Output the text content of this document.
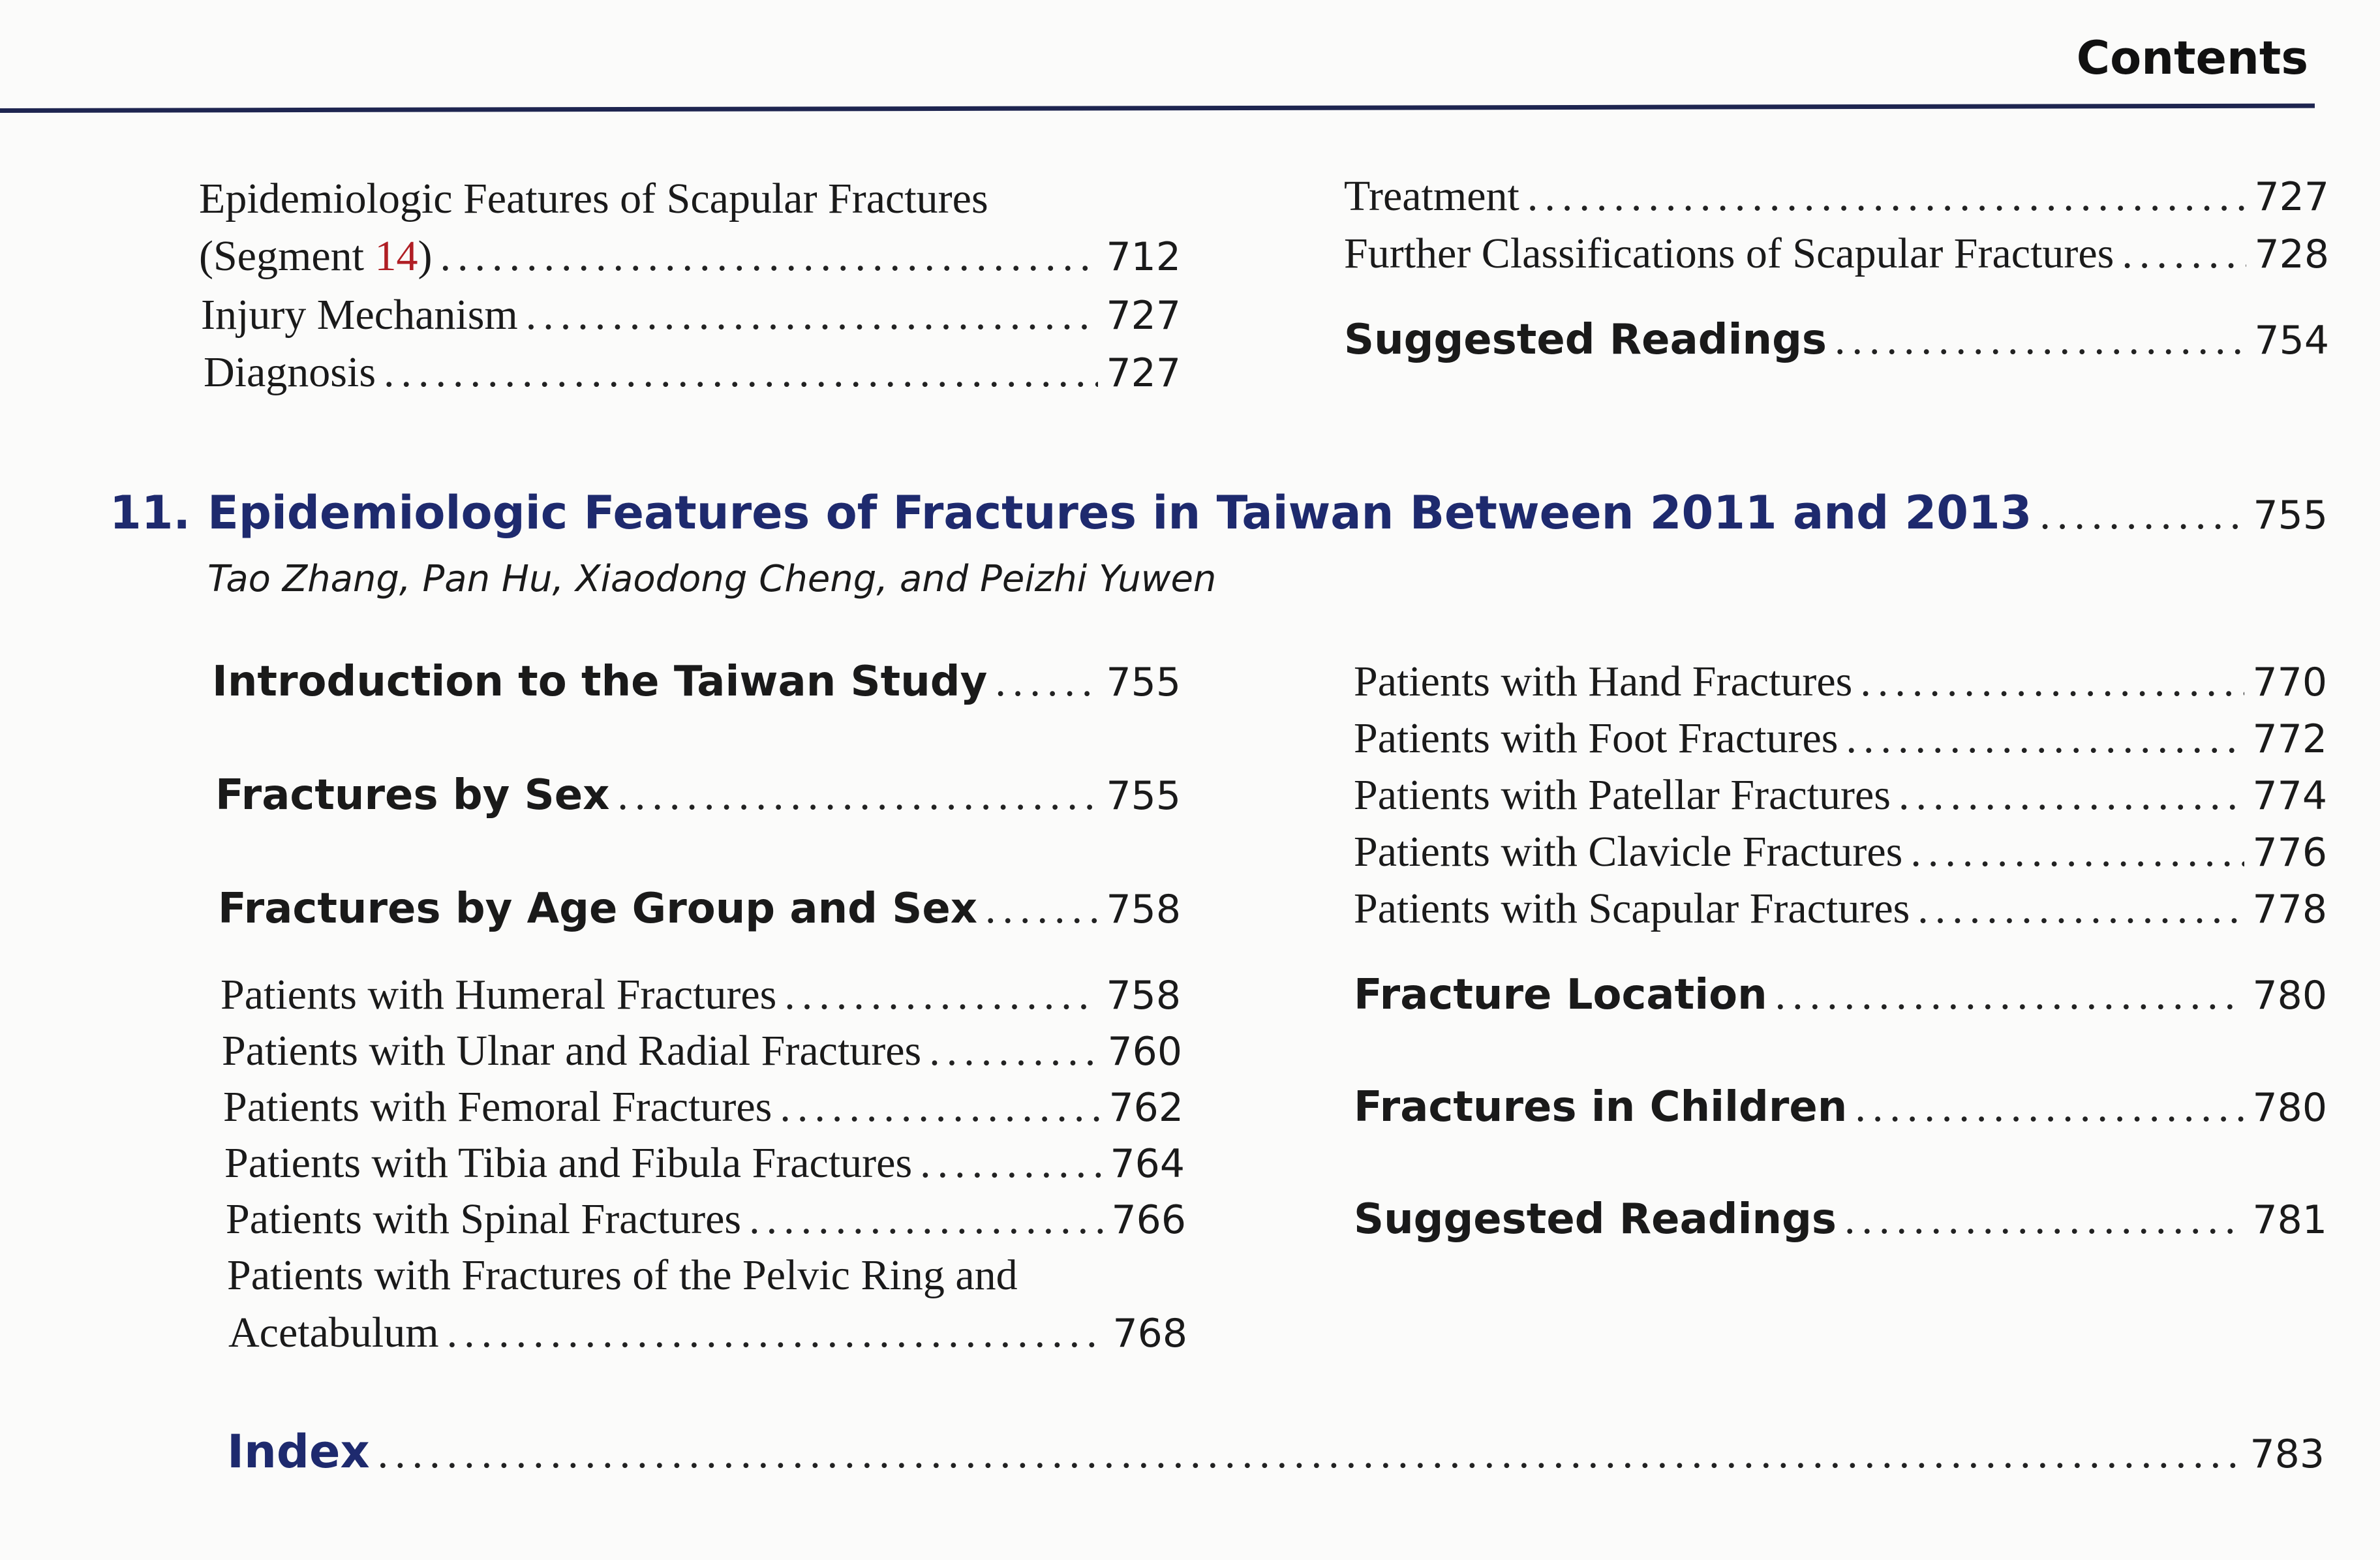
Contents
Epidemiologic Features of Scapular Fractures
(Segment 14) .....	712
Injury Mechanism .....	727
Diagnosis .....	727
Treatment .....	727
Further Classifications of Scapular Fractures .....	728
Suggested Readings .....	754
11. Epidemiologic Features of Fractures in Taiwan Between 2011 and 2013 .....	755
Tao Zhang, Pan Hu, Xiaodong Cheng, and Peizhi Yuwen
Introduction to the Taiwan Study .....	755
Fractures by Sex .....	755
Fractures by Age Group and Sex .....	758
Patients with Humeral Fractures .....	758
Patients with Ulnar and Radial Fractures .....	760
Patients with Femoral Fractures .....	762
Patients with Tibia and Fibula Fractures .....	764
Patients with Spinal Fractures .....	766
Patients with Fractures of the Pelvic Ring and
Acetabulum .....	768
Patients with Hand Fractures .....	770
Patients with Foot Fractures .....	772
Patients with Patellar Fractures .....	774
Patients with Clavicle Fractures .....	776
Patients with Scapular Fractures .....	778
Fracture Location .....	780
Fractures in Children .....	780
Suggested Readings .....	781
Index .....	783
